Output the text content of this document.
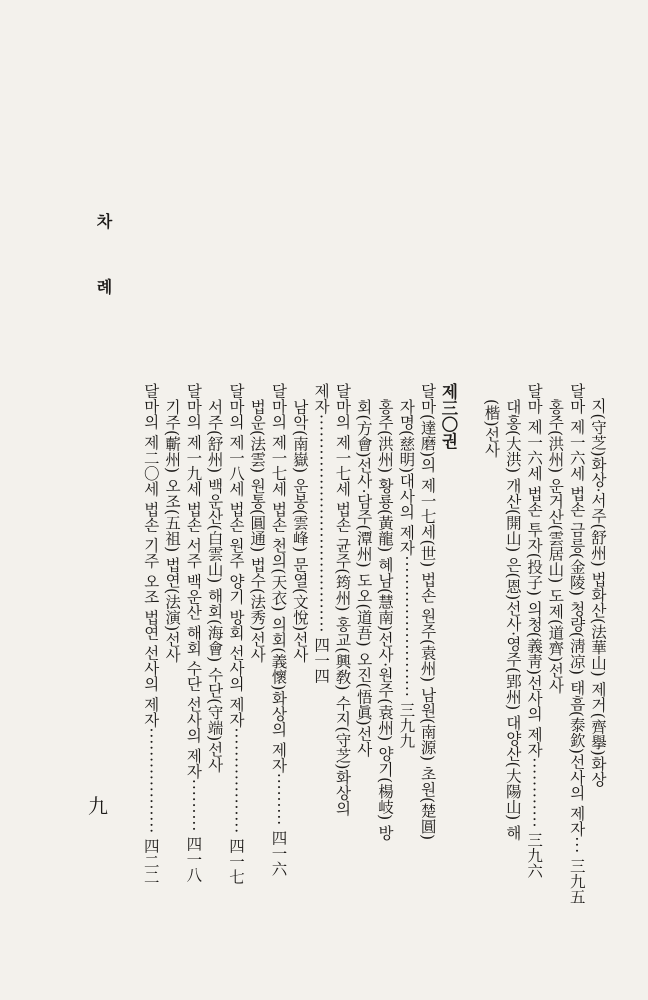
차 례
九
지(守芝)화상·서주(舒州) 법화산(法華山) 제거(齊擧)화상
달마 제一六세 법손 금릉(金陵) 청량(淸凉) 태흠(泰欽)선사의 제자···三九五
홍주(洪州) 운거산(雲居山) 도제(道齊)선사
달마 제一六세 법손 투자(投子) 의청(義靑)선사의 제자············三九六
대홍(大洪) 개산(開山) 은(恩)선사·영주(郢州) 대양산(大陽山) 해
(楷)선사
제三〇권
달마(達磨)의 제一七세(世) 법손 원주(袁州) 남원(南源) 초원(楚圓)
자명(慈明)대사의 제자························三九九
홍주(洪州) 황룡(黃龍) 혜남(慧南)선사·원주(袁州) 양기(楊岐) 방
회(方會)선사·담주(潭州) 도오(道吾) 오진(悟眞)선사
달마의 제一七세 법손 균주(筠州) 홍교(興敎) 수지(守芝)화상의
제자·····································四一四
남악(南嶽) 운봉(雲峰) 문열(文悅)선사
달마의 제一七세 법손 천의(天衣) 의회(義懷)화상의 제자·········四一六
법운(法雲) 원통(圓通) 법수(法秀)선사
달마의 제一八세 법손 원주 양기 방회 선사의 제자··················四一七
서주(舒州) 백운산(白雲山) 해회(海會) 수단(守端)선사
달마의 제一九세 법손 서주 백운산 해회 수단 선사의 제자·········四一八
기주(蘄州) 오조(五祖) 법연(法演)선사
달마의 제二〇세 법손 기주 오조 법연 선사의 제자··················四二二
